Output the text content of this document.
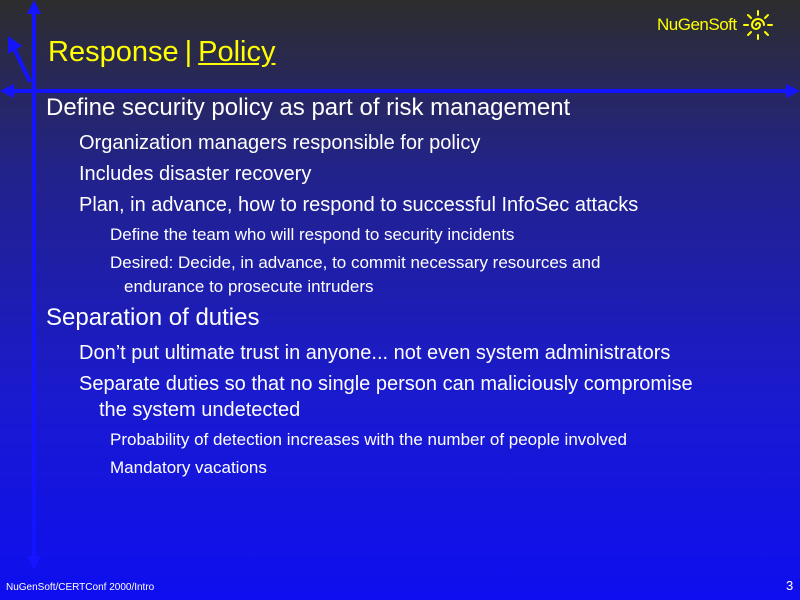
Response | Policy
NuGenSoft
Define security policy as part of risk management
Organization managers responsible for policy
Includes disaster recovery
Plan, in advance, how to respond to successful InfoSec attacks
Define the team who will respond to security incidents
Desired: Decide, in advance, to commit necessary resources and
endurance to prosecute intruders
Separation of duties
Don’t put ultimate trust in anyone... not even system administrators
Separate duties so that no single person can maliciously compromise
the system undetected
Probability of detection increases with the number of people involved
Mandatory vacations
NuGenSoft/CERTConf 2000/Intro	3
